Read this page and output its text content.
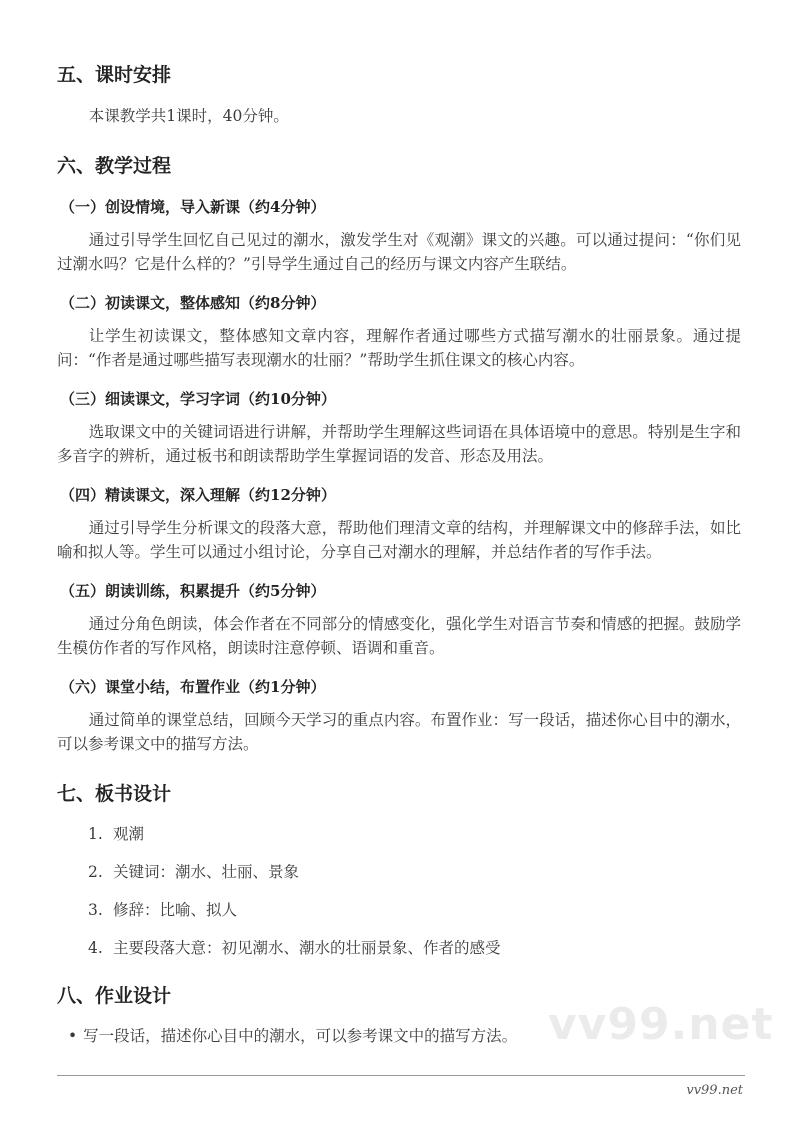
vv99.net
五、课时安排
本课教学共1课时，40分钟。
六、教学过程
（一）创设情境，导入新课（约4分钟）
通过引导学生回忆自己见过的潮水，激发学生对《观潮》课文的兴趣。可以通过提问：“你们见过潮水吗？它是什么样的？”引导学生通过自己的经历与课文内容产生联结。
（二）初读课文，整体感知（约8分钟）
让学生初读课文，整体感知文章内容，理解作者通过哪些方式描写潮水的壮丽景象。通过提问：“作者是通过哪些描写表现潮水的壮丽？”帮助学生抓住课文的核心内容。
（三）细读课文，学习字词（约10分钟）
选取课文中的关键词语进行讲解，并帮助学生理解这些词语在具体语境中的意思。特别是生字和多音字的辨析，通过板书和朗读帮助学生掌握词语的发音、形态及用法。
（四）精读课文，深入理解（约12分钟）
通过引导学生分析课文的段落大意，帮助他们理清文章的结构，并理解课文中的修辞手法，如比喻和拟人等。学生可以通过小组讨论，分享自己对潮水的理解，并总结作者的写作手法。
（五）朗读训练，积累提升（约5分钟）
通过分角色朗读，体会作者在不同部分的情感变化，强化学生对语言节奏和情感的把握。鼓励学生模仿作者的写作风格，朗读时注意停顿、语调和重音。
（六）课堂小结，布置作业（约1分钟）
通过简单的课堂总结，回顾今天学习的重点内容。布置作业：写一段话，描述你心目中的潮水，可以参考课文中的描写方法。
七、板书设计
1. 观潮
2. 关键词：潮水、壮丽、景象
3. 修辞：比喻、拟人
4. 主要段落大意：初见潮水、潮水的壮丽景象、作者的感受
八、作业设计
• 写一段话，描述你心目中的潮水，可以参考课文中的描写方法。
vv99.net
